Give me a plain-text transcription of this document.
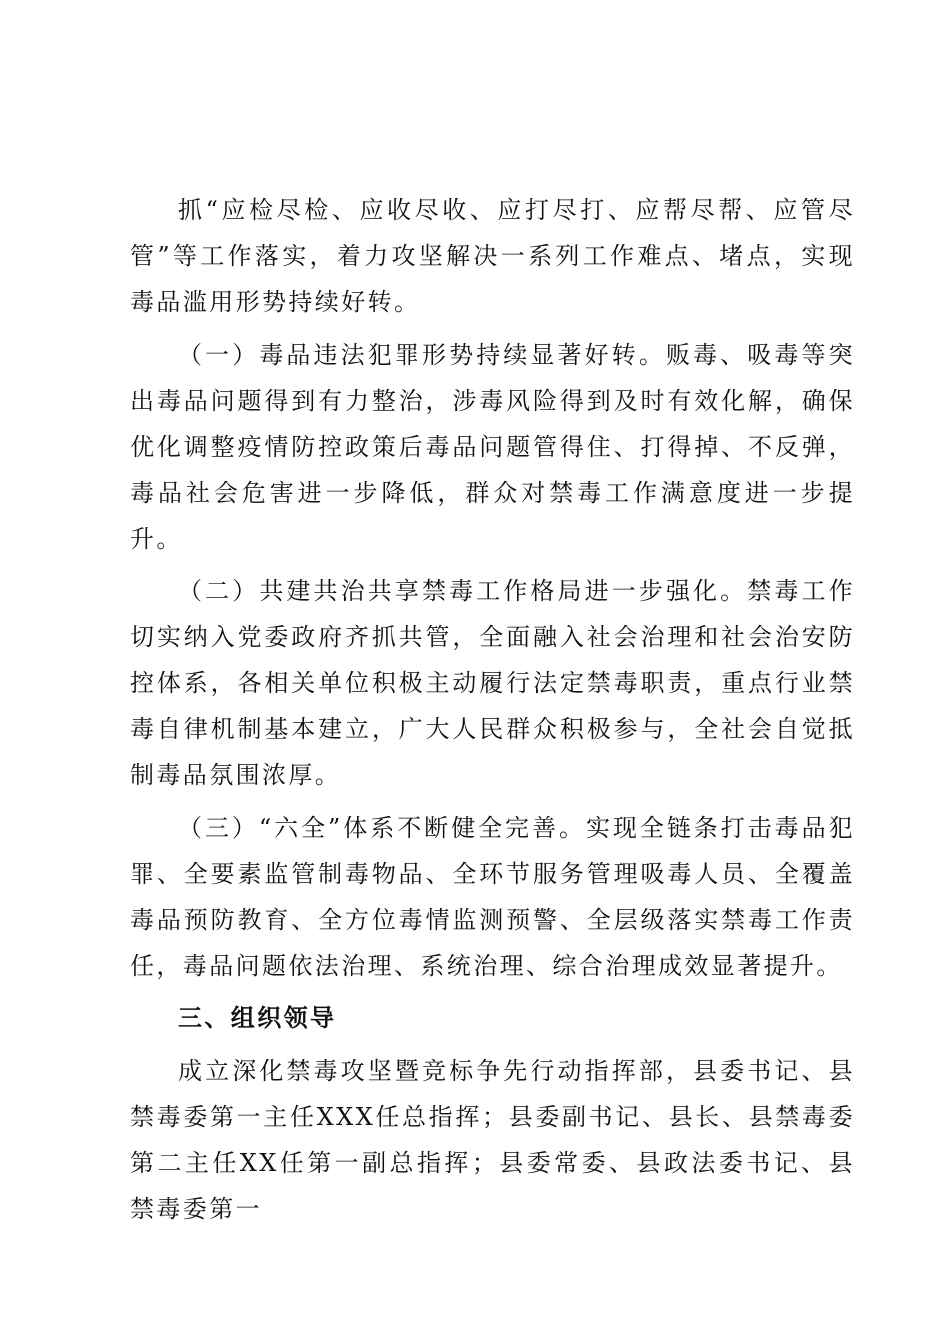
抓“应检尽检、应收尽收、应打尽打、应帮尽帮、应管尽管”等工作落实，着力攻坚解决一系列工作难点、堵点，实现毒品滥用形势持续好转。

（一）毒品违法犯罪形势持续显著好转。贩毒、吸毒等突出毒品问题得到有力整治，涉毒风险得到及时有效化解，确保优化调整疫情防控政策后毒品问题管得住、打得掉、不反弹，毒品社会危害进一步降低，群众对禁毒工作满意度进一步提升。

（二）共建共治共享禁毒工作格局进一步强化。禁毒工作切实纳入党委政府齐抓共管，全面融入社会治理和社会治安防控体系，各相关单位积极主动履行法定禁毒职责，重点行业禁毒自律机制基本建立，广大人民群众积极参与，全社会自觉抵制毒品氛围浓厚。

（三）“六全”体系不断健全完善。实现全链条打击毒品犯罪、全要素监管制毒物品、全环节服务管理吸毒人员、全覆盖毒品预防教育、全方位毒情监测预警、全层级落实禁毒工作责任，毒品问题依法治理、系统治理、综合治理成效显著提升。

三、组织领导

成立深化禁毒攻坚暨竞标争先行动指挥部，县委书记、县禁毒委第一主任XXX任总指挥；县委副书记、县长、县禁毒委第二主任XX任第一副总指挥；县委常委、县政法委书记、县禁毒委第一
